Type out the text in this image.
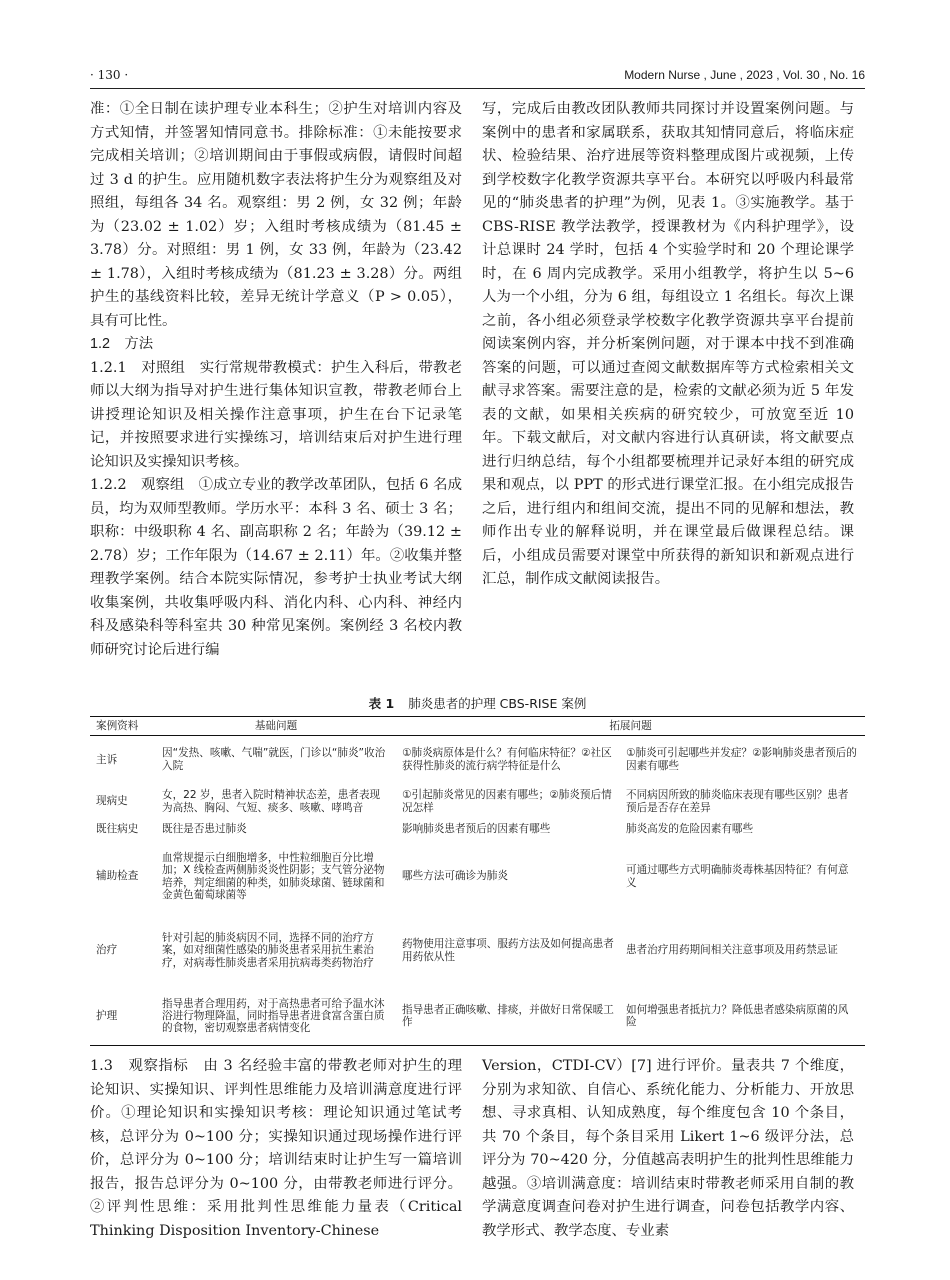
· 130 ·	Modern Nurse , June , 2023 , Vol. 30 , No. 16

准：①全日制在读护理专业本科生；②护生对培训内容及方式知情，并签署知情同意书。排除标准：①未能按要求完成相关培训；②培训期间由于事假或病假，请假时间超过 3 d 的护生。应用随机数字表法将护生分为观察组及对照组，每组各 34 名。观察组：男 2 例，女 32 例；年龄为（23.02 ± 1.02）岁；入组时考核成绩为（81.45 ± 3.78）分。对照组：男 1 例，女 33 例，年龄为（23.42 ± 1.78），入组时考核成绩为（81.23 ± 3.28）分。两组护生的基线资料比较，差异无统计学意义（P > 0.05），具有可比性。

1.2　方法

1.2.1　对照组　实行常规带教模式：护生入科后，带教老师以大纲为指导对护生进行集体知识宣教，带教老师台上讲授理论知识及相关操作注意事项，护生在台下记录笔记，并按照要求进行实操练习，培训结束后对护生进行理论知识及实操知识考核。

1.2.2　观察组　①成立专业的教学改革团队，包括 6 名成员，均为双师型教师。学历水平：本科 3 名、硕士 3 名；职称：中级职称 4 名、副高职称 2 名；年龄为（39.12 ± 2.78）岁；工作年限为（14.67 ± 2.11）年。②收集并整理教学案例。结合本院实际情况，参考护士执业考试大纲收集案例，共收集呼吸内科、消化内科、心内科、神经内科及感染科等科室共 30 种常见案例。案例经 3 名校内教师研究讨论后进行编

写，完成后由教改团队教师共同探讨并设置案例问题。与案例中的患者和家属联系，获取其知情同意后，将临床症状、检验结果、治疗进展等资料整理成图片或视频，上传到学校数字化教学资源共享平台。本研究以呼吸内科最常见的“肺炎患者的护理”为例，见表 1。③实施教学。基于 CBS-RISE 教学法教学，授课教材为《内科护理学》，设计总课时 24 学时，包括 4 个实验学时和 20 个理论课学时，在 6 周内完成教学。采用小组教学，将护生以 5~6 人为一个小组，分为 6 组，每组设立 1 名组长。每次上课之前，各小组必须登录学校数字化教学资源共享平台提前阅读案例内容，并分析案例问题，对于课本中找不到准确答案的问题，可以通过查阅文献数据库等方式检索相关文献寻求答案。需要注意的是，检索的文献必须为近 5 年发表的文献，如果相关疾病的研究较少，可放宽至近 10 年。下载文献后，对文献内容进行认真研读，将文献要点进行归纳总结，每个小组都要梳理并记录好本组的研究成果和观点，以 PPT 的形式进行课堂汇报。在小组完成报告之后，进行组内和组间交流，提出不同的见解和想法，教师作出专业的解释说明，并在课堂最后做课程总结。课后，小组成员需要对课堂中所获得的新知识和新观点进行汇总，制作成文献阅读报告。

表 1 肺炎患者的护理 CBS-RISE 案例
案例资料	基础问题	拓展问题	
主诉	因“发热、咳嗽、气喘”就医，门诊以“肺炎”收治入院	①肺炎病原体是什么？有何临床特征？②社区获得性肺炎的流行病学特征是什么	①肺炎可引起哪些并发症？②影响肺炎患者预后的因素有哪些
现病史	女，22 岁，患者入院时精神状态差，患者表现为高热、胸闷、气短、痰多、咳嗽、哮鸣音	①引起肺炎常见的因素有哪些；②肺炎预后情况怎样	不同病因所致的肺炎临床表现有哪些区别？患者预后是否存在差异
既往病史	既往是否患过肺炎	影响肺炎患者预后的因素有哪些	肺炎高发的危险因素有哪些
辅助检查	血常规提示白细胞增多，中性粒细胞百分比增加；X 线检查两侧肺炎炎性阴影；支气管分泌物培养，判定细菌的种类，如肺炎球菌、链球菌和金黄色葡萄球菌等	哪些方法可确诊为肺炎	可通过哪些方式明确肺炎毒株基因特征？有何意义
治疗	针对引起的肺炎病因不同，选择不同的治疗方案，如对细菌性感染的肺炎患者采用抗生素治疗，对病毒性肺炎患者采用抗病毒类药物治疗	药物使用注意事项、服药方法及如何提高患者用药依从性	患者治疗用药期间相关注意事项及用药禁忌证
护理	指导患者合理用药，对于高热患者可给予温水沐浴进行物理降温，同时指导患者进食富含蛋白质的食物，密切观察患者病情变化	指导患者正确咳嗽、排痰，并做好日常保暖工作	如何增强患者抵抗力？降低患者感染病原菌的风险

1.3　观察指标　由 3 名经验丰富的带教老师对护生的理论知识、实操知识、评判性思维能力及培训满意度进行评价。①理论知识和实操知识考核：理论知识通过笔试考核，总评分为 0~100 分；实操知识通过现场操作进行评价，总评分为 0~100 分；培训结束时让护生写一篇培训报告，报告总评分为 0~100 分，由带教老师进行评分。②评判性思维：采用批判性思维能力量表（Critical Thinking Disposition Inventory-Chinese

Version，CTDI-CV）[7] 进行评价。量表共 7 个维度，分别为求知欲、自信心、系统化能力、分析能力、开放思想、寻求真相、认知成熟度，每个维度包含 10 个条目，共 70 个条目，每个条目采用 Likert 1~6 级评分法，总评分为 70~420 分，分值越高表明护生的批判性思维能力越强。③培训满意度：培训结束时带教老师采用自制的教学满意度调查问卷对护生进行调查，问卷包括教学内容、教学形式、教学态度、专业素
